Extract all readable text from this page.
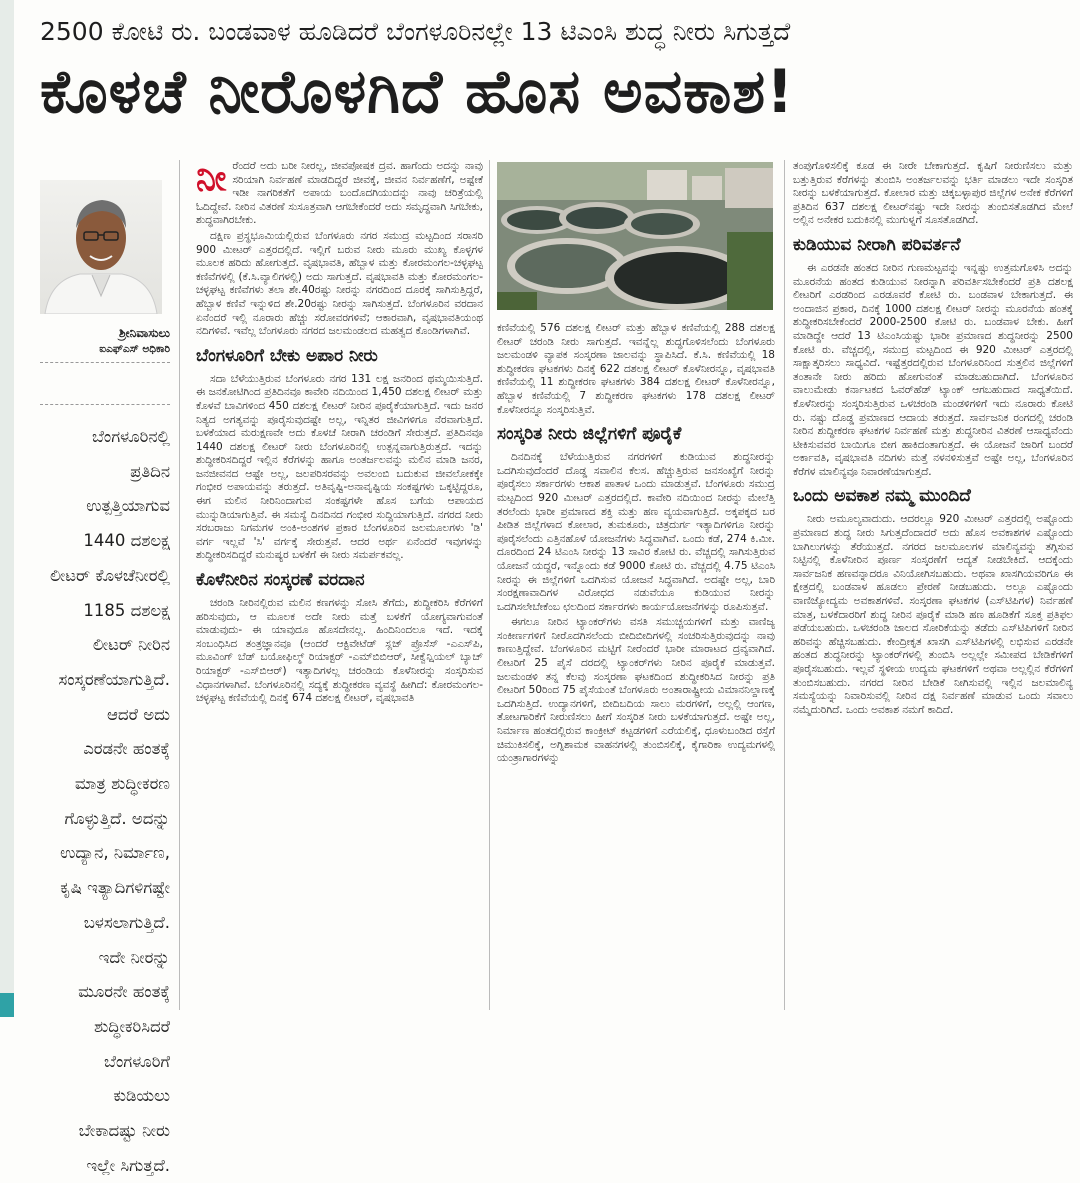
2500 ಕೋಟಿ ರು. ಬಂಡವಾಳ ಹೂಡಿದರೆ ಬೆಂಗಳೂರಿನಲ್ಲೇ 13 ಟಿಎಂಸಿ ಶುದ್ಧ ನೀರು ಸಿಗುತ್ತದೆ
ಕೊಳಚೆ ನೀರೊಳಗಿದೆ ಹೊಸ ಅವಕಾಶ!
ಶ್ರೀನಿವಾಸುಲು
ಐಎಫ್‌ಎಸ್ ಅಧಿಕಾರಿ
ಬೆಂಗಳೂರಿನಲ್ಲಿ
ಪ್ರತಿದಿನ
ಉತ್ಪತ್ತಿಯಾಗುವ
1440 ದಶಲಕ್ಷ
ಲೀಟರ್ ಕೊಳಚೆನೀರಲ್ಲಿ
1185 ದಶಲಕ್ಷ
ಲೀಟರ್ ನೀರಿನ
ಸಂಸ್ಕರಣೆಯಾಗುತ್ತಿದೆ.
ಆದರೆ ಅದು
ಎರಡನೇ ಹಂತಕ್ಕೆ
ಮಾತ್ರ ಶುದ್ಧೀಕರಣ
ಗೊಳ್ಳುತ್ತಿದೆ. ಅದನ್ನು
ಉದ್ಯಾನ, ನಿರ್ಮಾಣ,
ಕೃಷಿ ಇತ್ಯಾದಿಗಳಿಗಷ್ಟೇ
ಬಳಸಲಾಗುತ್ತಿದೆ.
ಇದೇ ನೀರನ್ನು
ಮೂರನೇ ಹಂತಕ್ಕೆ
ಶುದ್ಧೀಕರಿಸಿದರೆ
ಬೆಂಗಳೂರಿಗೆ
ಕುಡಿಯಲು
ಬೇಕಾದಷ್ಟು ನೀರು
ಇಲ್ಲೇ ಸಿಗುತ್ತದೆ.

ನೀರೆಂದರೆ ಅದು ಬರೀ ನೀರಲ್ಲ, ಜೀವಪೋಷಕ ದ್ರವ. ಹಾಗೆಂದು ಅದನ್ನು ನಾವು ಸರಿಯಾಗಿ ನಿರ್ವಹಣೆ ಮಾಡದಿದ್ದರೆ ಜೀವಕ್ಕೆ, ಜೀವನ ನಿರ್ವಹಣೆಗೆ, ಅಷ್ಟೇಕೆ ಇಡೀ ನಾಗರಿಕತೆಗೆ ಅಪಾಯ ಬಂದೊದಗಿಯುದನ್ನು ನಾವು ಚರಿತ್ರೆಯಲ್ಲಿ ಓದಿದ್ದೇವೆ. ನೀರಿನ ವಿತರಣೆ ಸುಸೂತ್ರವಾಗಿ ಆಗಬೇಕೆಂದರೆ ಅದು ಸಮೃದ್ಧವಾಗಿ ಸಿಗಬೇಕು, ಶುದ್ಧವಾಗಿರಬೇಕು.

ದಕ್ಷಿಣ ಪ್ರಸ್ಥಭೂಮಿಯಲ್ಲಿರುವ ಬೆಂಗಳೂರು ನಗರ ಸಮುದ್ರ ಮಟ್ಟದಿಂದ ಸರಾಸರಿ 900 ಮೀಟರ್ ಎತ್ತರದಲ್ಲಿದೆ. ಇಲ್ಲಿಗೆ ಬರುವ ನೀರು ಮೂರು ಮುಖ್ಯ ಕೊಳ್ಳಗಳ ಮೂಲಕ ಹರಿದು ಹೋಗುತ್ತದೆ. ವೃಷಭಾವತಿ, ಹೆಬ್ಬಾಳ ಮತ್ತು ಕೋರಮಂಗಲ-ಚಳ್ಳಘಟ್ಟ ಕಣಿವೆಗಳಲ್ಲಿ (ಕೆ.ಸಿ.ವ್ಯಾಲಿಗಳಲ್ಲಿ) ಅದು ಸಾಗುತ್ತದೆ. ವೃಷಭಾವತಿ ಮತ್ತು ಕೋರಮಂಗಲ-ಚಳ್ಳಘಟ್ಟ ಕಣಿವೆಗಳು ತಲಾ ಶೇ.40ರಷ್ಟು ನೀರನ್ನು ನಗರದಿಂದ ದೂರಕ್ಕೆ ಸಾಗಿಸುತ್ತಿದ್ದರೆ, ಹೆಬ್ಬಾಳ ಕಣಿವೆ ಇನ್ನುಳಿದ ಶೇ.20ರಷ್ಟು ನೀರನ್ನು ಸಾಗಿಸುತ್ತದೆ. ಬೆಂಗಳೂರಿನ ವರದಾನ ಏನೆಂದರೆ ಇಲ್ಲಿ ನೂರಾರು ಹೆಚ್ಚು ಸರೋವರಗಳಿವೆ; ಆಕಾರವಾಗಿ, ವೃಷಭಾವತಿಯಂಥ ನದಿಗಳಿವೆ. ಇವೆಲ್ಲ ಬೆಂಗಳೂರು ನಗರದ ಜಲಮಂಡಲದ ಮಹತ್ವದ ಕೊಂಡಿಗಳಾಗಿವೆ.

ಬೆಂಗಳೂರಿಗೆ ಬೇಕು ಅಪಾರ ನೀರು

ಸದಾ ಬೆಳೆಯುತ್ತಿರುವ ಬೆಂಗಳೂರು ನಗರ 131 ಲಕ್ಷ ಜನರಿಂದ ಥಮ್ಮಯಿಸುತ್ತಿದೆ. ಈ ಜನಕೋಟಿಗಿಂದ ಪ್ರತಿದಿನವೂ ಕಾವೇರಿ ನದಿಯಿಂದ 1,450 ದಶಲಕ್ಷ ಲೀಟರ್ ಮತ್ತು ಕೊಳವೆ ಬಾವಿಗಳಿಂದ 450 ದಶಲಕ್ಷ ಲೀಟರ್ ನೀರಿನ ಪೂರೈಕೆಯಾಗುತ್ತಿದೆ. ಇದು ಜನರ ನಿತ್ಯದ ಅಗತ್ಯವನ್ನು ಪೂರೈಸುವುದಷ್ಟೇ ಅಲ್ಲ, ಇನ್ನಿತರ ಜೀವಿಗಳಿಗೂ ನೆರವಾಗುತ್ತಿದೆ. ಬಳಕೆಯಾದ ಮರುಕ್ಷಣವೇ ಅದು ಕೊಳಚೆ ನೀರಾಗಿ ಚರಂಡಿಗೆ ಸೇರುತ್ತದೆ. ಪ್ರತಿದಿನವೂ 1440 ದಶಲಕ್ಷ ಲೀಟರ್ ನೀರು ಬೆಂಗಳೂರಿನಲ್ಲಿ ಉತ್ಪನ್ನವಾಗುತ್ತಿರುತ್ತದೆ. ಇದನ್ನು ಶುದ್ಧೀಕರಿಸದಿದ್ದರೆ ಇಲ್ಲಿನ ಕೆರೆಗಳನ್ನು ಹಾಗೂ ಅಂತರ್ಜಲವನ್ನು ಮಲಿನ ಮಾಡಿ ಜನರ, ಜನಜೀವನದ ಆಷ್ಟೇ ಅಲ್ಲ, ಜಲಪರಿಸರವನ್ನು ಅವಲಂಬಿ ಬದುಕುವ ಜೀವಲೋಕಕ್ಕೇ ಗಂಭೀರ ಅಪಾಯವನ್ನು ತರುತ್ತದೆ. ಅತಿವೃಷ್ಟಿ-ಅನಾವೃಷ್ಟಿಯ ಸಂಕಷ್ಟಗಳು ಒಕ್ಕಟ್ಟಿದ್ದರೂ, ಈಗ ಮಲಿನ ನೀರಿನಿಂದಾಗುವ ಸಂಕಷ್ಟಗಳೇ ಹೊಸ ಬಗೆಯ ಆಪಾಯದ ಮುನ್ನುಡಿಯಾಗುತ್ತಿವೆ. ಈ ಸಮಸ್ಯೆ ದಿನದಿನದ ಗಂಭೀರ ಸುದ್ದಿಯಾಗುತ್ತಿದೆ. ನಗರದ ನೀರು ಸರಬರಾಜು ನಿಗಮಗಳ ಅಂಕಿ-ಅಂಶಗಳ ಪ್ರಕಾರ ಬೆಂಗಳೂರಿನ ಜಲಮೂಲಗಳು 'ಡಿ' ವರ್ಗ ಇಲ್ಲವೆ 'ಸಿ' ವರ್ಗಕ್ಕೆ ಸೇರುತ್ತವೆ. ಆದರ ಅರ್ಥ ಏನೆಂದರೆ ಇವುಗಳನ್ನು ಶುದ್ಧೀಕರಿಸದಿದ್ದರೆ ಮನುಷ್ಯರ ಬಳಕೆಗೆ ಈ ನೀರು ಸಮರ್ಪಕವಲ್ಲ.

ಕೊಳೆನೀರಿನ ಸಂಸ್ಕರಣೆ ವರದಾನ

ಚರಂಡಿ ನೀರಿನಲ್ಲಿರುವ ಮಲಿನ ಕಣಗಳನ್ನು ಸೋಸಿ ತೆಗೆದು, ಶುದ್ಧೀಕರಿಸಿ ಕೆರೆಗಳಿಗೆ ಹರಿಸುವುದು, ಆ ಮೂಲಕ ಅದೇ ನೀರು ಮತ್ತೆ ಬಳಕೆಗೆ ಯೋಗ್ಯವಾಗುವಂತೆ ಮಾಡುವುದು- ಈ ಯಾವುದೂ ಹೊಸದೇನಲ್ಲ. ಹಿಂದಿನಿಂದಲೂ ಇದೆ. ಇದಕ್ಕೆ ಸಂಬಂಧಿಸಿದ ತಂತ್ರಜ್ಞಾನವೂ (ಆಂದರೆ ಆಕ್ಟಿವೇಟೆಡ್ ಸ್ಲಜ್ ಪ್ರೊಸೆಸ್ -ಎಎಸ್‌ಪಿ, ಮೂವಿಂಗ್ ಬೆಡ್ ಬಯೋಫಿಲ್ಮ್ ರಿಯಾಕ್ಟರ್ -ಎಮ್‌ಬಿಬಿಆರ್, ಸೀಕ್ವೆನ್ಷಿಯಲ್ ಬ್ಯಾಚ್ ರಿಯಾಕ್ಟರ್ -ಎಸ್‌ಬಿಆರ್) ಇತ್ಯಾದಿಗಳಲ್ಲ ಚರಂಡಿಯ ಕೊಳೆನೀರನ್ನು ಸಂಸ್ಕರಿಸುವ ವಿಧಾನಗಳಾಗಿವೆ. ಬೆಂಗಳೂರಿನಲ್ಲಿ ಸದ್ಯಕ್ಕೆ ಶುದ್ಧೀಕರಣ ವ್ಯವಸ್ಥೆ ಹೀಗಿದೆ: ಕೋರಮಂಗಲ-ಚಳ್ಳಘಟ್ಟ ಕಣಿವೆಯಲ್ಲಿ ದಿನಕ್ಕೆ 674 ದಶಲಕ್ಷ ಲೀಟರ್, ವೃಷಭಾವತಿ

ಕಣಿವೆಯಲ್ಲಿ 576 ದಶಲಕ್ಷ ಲೀಟರ್ ಮತ್ತು ಹೆಬ್ಬಾಳ ಕಣಿವೆಯಲ್ಲಿ 288 ದಶಲಕ್ಷ ಲೀಟರ್ ಚರಂಡಿ ನೀರು ಸಾಗುತ್ತದೆ. ಇವನ್ನೆಲ್ಲ ಶುದ್ಧಗೊಳಿಸಲೆಂದು ಬೆಂಗಳೂರು ಜಲಮಂಡಳಿ ವ್ಯಾಪಕ ಸಂಸ್ಕರಣಾ ಜಾಲವನ್ನು ಸ್ಥಾಪಿಸಿದೆ. ಕೆ.ಸಿ. ಕಣಿವೆಯಲ್ಲಿ 18 ಶುದ್ಧೀಕರಣ ಘಟಕಗಳು ದಿನಕ್ಕೆ 622 ದಶಲಕ್ಷ ಲೀಟರ್ ಕೊಳೆನೀರನ್ನೂ, ವೃಷಭಾವತಿ ಕಣಿವೆಯಲ್ಲಿ 11 ಶುದ್ಧೀಕರಣ ಘಟಕಗಳು 384 ದಶಲಕ್ಷ ಲೀಟರ್ ಕೊಳೆನೀರನ್ನೂ, ಹೆಬ್ಬಾಳ ಕಣಿವೆಯಲ್ಲಿ 7 ಶುದ್ಧೀಕರಣ ಘಟಕಗಳು 178 ದಶಲಕ್ಷ ಲೀಟರ್ ಕೊಳೆನೀರನ್ನೂ ಸಂಸ್ಕರಿಸುತ್ತಿವೆ.

ಸಂಸ್ಕರಿತ ನೀರು ಜಿಲ್ಲೆಗಳಿಗೆ ಪೂರೈಕೆ

ದಿನದಿನಕ್ಕೆ ಬೆಳೆಯುತ್ತಿರುವ ನಗರಗಳಿಗೆ ಕುಡಿಯುವ ಶುದ್ಧನೀರನ್ನು ಒದಗಿಸುವುದೆಂದರೆ ದೊಡ್ಡ ಸವಾಲಿನ ಕೆಲಸ. ಹೆಚ್ಚುತ್ತಿರುವ ಜನಸಂಖ್ಯೆಗೆ ನೀರನ್ನು ಪೂರೈಸಲು ಸರ್ಕಾರಗಳು ಆಕಾಶ ಪಾತಾಳ ಒಂದು ಮಾಡುತ್ತವೆ. ಬೆಂಗಳೂರು ಸಮುದ್ರ ಮಟ್ಟದಿಂದ 920 ಮೀಟರ್ ಎತ್ತರದಲ್ಲಿದೆ. ಕಾವೇರಿ ನದಿಯಿಂದ ನೀರನ್ನು ಮೇಲೆತ್ತಿ ತರಲೆಂದು ಭಾರೀ ಪ್ರಮಾಣದ ಶಕ್ತಿ ಮತ್ತು ಹಣ ವ್ಯಯವಾಗುತ್ತಿದೆ. ಅಕ್ಕಪಕ್ಕದ ಬರ ಪೀಡಿತ ಜಿಲ್ಲೆಗಳಾದ ಕೋಲಾರ, ತುಮಕೂರು, ಚಿತ್ರದುರ್ಗ ಇತ್ಯಾದಿಗಳಿಗೂ ನೀರನ್ನು ಪೂರೈಸಲೆಂದು ಎತ್ತಿನಹೊಳೆ ಯೋಜನೆಗಳು ಸಿದ್ಧವಾಗಿವೆ. ಒಂದು ಕಡೆ, 274 ಕಿ.ಮೀ. ದೂರದಿಂದ 24 ಟಿಎಂಸಿ ನೀರನ್ನು 13 ಸಾವಿರ ಕೋಟಿ ರು. ವೆಚ್ಚದಲ್ಲಿ ಸಾಗಿಸುತ್ತಿರುವ ಯೋಜನೆ ಯದ್ದರೆ, ಇನ್ನೊಂದು ಕಡೆ 9000 ಕೋಟಿ ರು. ವೆಚ್ಚದಲ್ಲಿ 4.75 ಟಿಎಂಸಿ ನೀರನ್ನು ಈ ಜಿಲ್ಲೆಗಳಿಗೆ ಒದಗಿಸುವ ಯೋಜನೆ ಸಿದ್ಧವಾಗಿದೆ. ಅದಷ್ಟೇ ಅಲ್ಲ, ಬಾರಿ ಸಂರಕ್ಷಣಾವಾದಿಗಳ ವಿರೋಧದ ನಡುವೆಯೂ ಕುಡಿಯುವ ನೀರನ್ನು ಒದಗಿಸಲೇಬೇಕೆಂಬ ಛಲದಿಂದ ಸರ್ಕಾರಗಳು ಕಾರ್ಯಯೋಜನೆಗಳನ್ನು ರೂಪಿಸುತ್ತವೆ.

ಈಗಲೂ ನೀರಿನ ಟ್ಯಾಂಕರ್‌ಗಳು ವಸತಿ ಸಮುಚ್ಚಯಗಳಿಗೆ ಮತ್ತು ವಾಣಿಜ್ಯ ಸಂಕೀರ್ಣಗಳಿಗೆ ನೀರೊದಗಿಸಲೆಂದು ಬೀದಿಬೀದಿಗಳಲ್ಲಿ ಸಂಚರಿಸುತ್ತಿರುವುದನ್ನು ನಾವು ಕಾಣುತ್ತಿದ್ದೇವೆ. ಬೆಂಗಳೂರಿನ ಮಟ್ಟಿಗೆ ನೀರೆಂದರೆ ಭಾರೀ ಮಾರಾಟದ ದ್ರವ್ಯವಾಗಿದೆ. ಲೀಟರಿಗೆ 25 ಪೈಸೆ ದರದಲ್ಲಿ ಟ್ಯಾಂಕರ್‌ಗಳು ನೀರಿನ ಪೂರೈಕೆ ಮಾಡುತ್ತವೆ. ಜಲಮಂಡಳಿ ತನ್ನ ಕೆಲವು ಸಂಸ್ಕರಣಾ ಘಟಕದಿಂದ ಶುದ್ಧೀಕರಿಸಿದ ನೀರನ್ನು ಪ್ರತಿ ಲೀಟರಿಗೆ 50ರಿಂದ 75 ಪೈಸೆಯಂತೆ ಬೆಂಗಳೂರು ಅಂತಾರಾಷ್ಟ್ರೀಯ ವಿಮಾನನಿಲ್ದಾಣಕ್ಕೆ ಒದಗಿಸುತ್ತಿದೆ. ಉದ್ಯಾನಗಳಿಗೆ, ಬೀದಿಬದಿಯ ಸಾಲು ಮರಗಳಿಗೆ, ಅಲ್ಲಲ್ಲಿ ಆಂಗಣ, ತೋಟಗಾರಿಕೆಗೆ ನೀರುಣಿಸಲು ಹೀಗೆ ಸಂಸ್ಕರಿತ ನೀರು ಬಳಕೆಯಾಗುತ್ತದೆ. ಅಷ್ಟೇ ಅಲ್ಲ, ನಿರ್ಮಾಣ ಹಂತದಲ್ಲಿರುವ ಕಾಂಕ್ರೀಟ್ ಕಟ್ಟಡಗಳಿಗೆ ಎರೆಯಲಿಕ್ಕೆ, ಧೂಳುಬಂಡಿದ ರಸ್ತೆಗೆ ಚಿಮುಕಿಸಲಿಕ್ಕೆ, ಅಗ್ನಿಶಾಮಕ ವಾಹನಗಳಲ್ಲಿ ತುಂಬಿಸಲಿಕ್ಕೆ, ಕೈಗಾರಿಕಾ ಉದ್ಯಮಗಳಲ್ಲಿ ಯಂತ್ರಾಗಾರಗಳನ್ನು

ತಂಪುಗೊಳಿಸಲಿಕ್ಕೆ ಕೂಡ ಈ ನೀರೇ ಬೇಕಾಗುತ್ತದೆ. ಕೃಷಿಗೆ ನೀರುಣಿಸಲು ಮತ್ತು ಬತ್ತುತ್ತಿರುವ ಕೆರೆಗಳನ್ನು ತುಂಬಿಸಿ ಅಂತರ್ಜಲವನ್ನು ಭರ್ತಿ ಮಾಡಲು ಇದೇ ಸಂಸ್ಕರಿತ ನೀರನ್ನು ಬಳಕೆಯಾಗುತ್ತದೆ. ಕೋಲಾರ ಮತ್ತು ಚಿಕ್ಕಬಳ್ಳಾಪುರ ಜಿಲ್ಲೆಗಳ ಅನೇಕ ಕೆರೆಗಳಿಗೆ ಪ್ರತಿದಿನ 637 ದಶಲಕ್ಷ ಲೀಟರ್‌ನಷ್ಟು ಇದೇ ನೀರನ್ನು ತುಂಬಿಸತೊಡಗಿದ ಮೇಲೆ ಅಲ್ಲಿನ ಅನೇಕರ ಬದುಕಿನಲ್ಲಿ ಮುಗುಳ್ನಗೆ ಸೂಸತೊಡಗಿದೆ.

ಕುಡಿಯುವ ನೀರಾಗಿ ಪರಿವರ್ತನೆ

ಈ ಎರಡನೇ ಹಂತದ ನೀರಿನ ಗುಣಮಟ್ಟವನ್ನು ಇನ್ನಷ್ಟು ಉತ್ತಮಗೊಳಿಸಿ ಅದನ್ನು ಮೂರನೆಯ ಹಂತದ ಕುಡಿಯುವ ನೀರನ್ನಾಗಿ ಪರಿವರ್ತಿಸಬೇಕೆಂದರೆ ಪ್ರತಿ ದಶಲಕ್ಷ ಲೀಟರಿಗೆ ಎರಡರಿಂದ ಎರಡೂವರೆ ಕೋಟಿ ರು. ಬಂಡವಾಳ ಬೇಕಾಗುತ್ತದೆ. ಈ ಅಂದಾಜಿನ ಪ್ರಕಾರ, ದಿನಕ್ಕೆ 1000 ದಶಲಕ್ಷ ಲೀಟರ್ ನೀರನ್ನು ಮೂರನೆಯ ಹಂತಕ್ಕೆ ಶುದ್ಧೀಕರಿಸಬೇಕೆಂದರೆ 2000-2500 ಕೋಟಿ ರು. ಬಂಡವಾಳ ಬೇಕು. ಹೀಗೆ ಮಾಡಿದ್ದೇ ಆದರೆ 13 ಟಿಎಂಸಿಯಷ್ಟು ಭಾರೀ ಪ್ರಮಾಣದ ಶುದ್ಧನೀರನ್ನು 2500 ಕೋಟಿ ರು. ವೆಚ್ಚದಲ್ಲಿ, ಸಮುದ್ರ ಮಟ್ಟದಿಂದ ಈ 920 ಮೀಟರ್ ಎತ್ತರದಲ್ಲಿ ಸಾಕ್ಷಾತ್ಕರಿಸಲು ಸಾಧ್ಯವಿದೆ. ಇಷ್ಟೆತ್ತರದಲ್ಲಿರುವ ಬೆಂಗಳೂರಿನಿಂದ ಸುತ್ತಲಿನ ಜಿಲ್ಲೆಗಳಿಗೆ ತಂತಾನೇ ನೀರು ಹರಿದು ಹೋಗುವಂತೆ ಮಾಡಬಹುದಾಗಿದೆ. ಬೆಂಗಳೂರಿನ ವಾಲುಮೇಡು ಕರ್ನಾಟಕದ ಓವರ್‌ಹೆಡ್ ಟ್ಯಾಂಕ್ ಆಗಬಹುದಾದ ಸಾಧ್ಯತೆಯಿದೆ. ಕೊಳೆನೀರನ್ನು ಸಂಸ್ಕರಿಸುತ್ತಿರುವ ಒಳಚರಂಡಿ ಮಂಡಳಿಗಳಿಗೆ ಇದು ನೂರಾರು ಕೋಟಿ ರು. ನಷ್ಟು ದೊಡ್ಡ ಪ್ರಮಾಣದ ಆದಾಯ ತರುತ್ತದೆ. ಸಾರ್ವಜನಿಕ ರಂಗದಲ್ಲಿ ಚರಂಡಿ ನೀರಿನ ಶುದ್ಧೀಕರಣ ಘಟಕಗಳ ನಿರ್ವಹಣೆ ಮತ್ತು ಶುದ್ಧನೀರಿನ ವಿತರಣೆ ಆಸಾಧ್ಯವೆಂದು ಟೀಕಿಸುವವರ ಬಾಯಿಗೂ ಬೀಗ ಹಾಕಿದಂತಾಗುತ್ತದೆ. ಈ ಯೋಜನೆ ಜಾರಿಗೆ ಬಂದರೆ ಅರ್ಕಾವತಿ, ವೃಷಭಾವತಿ ನದಿಗಳು ಮತ್ತೆ ನಳನಳಿಸುತ್ತವೆ ಅಷ್ಟೇ ಅಲ್ಲ, ಬೆಂಗಳೂರಿನ ಕೆರೆಗಳ ಮಾಲಿನ್ಯವೂ ನಿವಾರಣೆಯಾಗುತ್ತದೆ.

ಒಂದು ಅವಕಾಶ ನಮ್ಮ ಮುಂದಿದೆ

ನೀರು ಅಮೂಲ್ಯವಾದುದು. ಆದರಲ್ಲೂ 920 ಮೀಟರ್ ಎತ್ತರದಲ್ಲಿ ಅಷ್ಟೊಂದು ಪ್ರಮಾಣದ ಶುದ್ಧ ನೀರು ಸಿಗುತ್ತದೆಂದಾದರೆ ಅದು ಹೊಸ ಅವಕಾಶಗಳ ಎಷ್ಟೊಂದು ಬಾಗಿಲುಗಳನ್ನು ತೆರೆಯುತ್ತದೆ. ನಗರದ ಜಲಮೂಲಗಳ ಮಾಲಿನ್ಯವನ್ನು ತಗ್ಗಿಸುವ ನಿಟ್ಟಿನಲ್ಲಿ ಕೊಳೆನೀರಿನ ಪೂರ್ಣ ಸಂಸ್ಕರಣೆಗೆ ಆದ್ಯತೆ ನೀಡಬೇಕಿದೆ. ಆದಕ್ಕೆಂದು ಸಾರ್ವಜನಿಕ ಹಣವನ್ನಾದರೂ ವಿನಿಯೋಗಿಸಬಹುದು. ಅಥವಾ ಖಾಸಗಿಯವರಿಗೂ ಈ ಕ್ಷೇತ್ರದಲ್ಲಿ ಬಂಡವಾಳ ಹೂಡಲು ಪ್ರೇರಣೆ ನೀಡಬಹುದು. ಅಲ್ಲೂ ಎಷ್ಟೊಂದು ವಾಣಿಜ್ಯೋದ್ಯಮ ಅವಕಾಶಗಳಿವೆ. ಸಂಸ್ಕರಣಾ ಘಟಕಗಳ (ಎಸ್‌ಟಿಪಿಗಳ) ನಿರ್ವಹಣೆ ಮಾತ್ರ, ಬಳಕೆದಾರರಿಗೆ ಶುದ್ಧ ನೀರಿನ ಪೂರೈಕೆ ಮಾಡಿ ಹಣ ಹೂಡಿಕೆಗೆ ಸೂಕ್ತ ಪ್ರತಿಫಲ ಪಡೆಯಬಹುದು. ಒಳಚರಂಡಿ ಜಾಲದ ಸೋರಿಕೆಯನ್ನು ತಡೆದು ಎಸ್‌ಟಿಪಿಗಳಿಗೆ ನೀರಿನ ಹರಿವನ್ನು ಹೆಚ್ಚಿಸಬಹುದು. ಕೇಂದ್ರೀಕೃತ ಖಾಸಗಿ ಎಸ್‌ಟಿಪಿಗಳಲ್ಲಿ ಲಭಿಸುವ ಎರಡನೇ ಹಂತದ ಶುದ್ಧನೀರನ್ನು ಟ್ಯಾಂಕರ್‌ಗಳಲ್ಲಿ ತುಂಬಿಸಿ ಅಲ್ಲಲ್ಲೇ ಸಮೀಪದ ಬೇಡಿಕೆಗಳಿಗೆ ಪೂರೈಸಬಹುದು. ಇಲ್ಲವೆ ಸ್ಥಳೀಯ ಉದ್ಯಮ ಘಟಕಗಳಿಗೆ ಅಥವಾ ಅಲ್ಲಲ್ಲಿನ ಕೆರೆಗಳಿಗೆ ತುಂಬಿಸಬಹುದು. ನಗರದ ನೀರಿನ ಬೇಡಿಕೆ ನೀಗಿಸುವಲ್ಲಿ ಇಲ್ಲಿನ ಜಲಮಾಲಿನ್ಯ ಸಮಸ್ಯೆಯನ್ನು ನಿವಾರಿಸುವಲ್ಲಿ ನೀರಿನ ದಕ್ಷ ನಿರ್ವಹಣೆ ಮಾಡುವ ಒಂದು ಸವಾಲು ನಮ್ಮೆದುರಿಗಿದೆ. ಒಂದು ಅವಕಾಶ ನಮಗೆ ಕಾದಿದೆ.
